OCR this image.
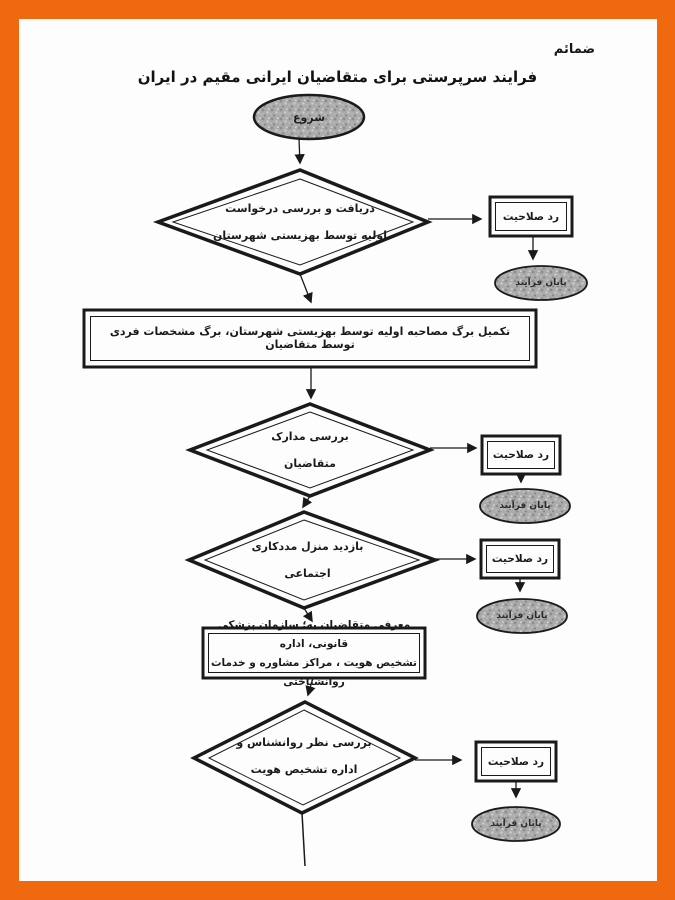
ضمائم
فرایند سرپرستی برای متقاضیان ایرانی مقیم در ایران
شروع
دریافت و بررسی درخواست
اولیه توسط بهزیستی شهرستان
رد صلاحیت
پایان فرآیند
تکمیل برگ مصاحبه اولیه توسط بهزیستی شهرستان، برگ مشخصات فردی توسط متقاضیان
بررسی مدارک
متقاضیان
رد صلاحیت
پایان فرآیند
بازدید منزل مددکاری
اجتماعی
رد صلاحیت
پایان فرآیند
معرفی متقاضیان به؛ سازمان پزشکی قانونی، اداره
تشخیص هویت ، مراکز مشاوره و خدمات روانشناختی
بررسی نظر روانشناس و
اداره تشخیص هویت
رد صلاحیت
پایان فرآیند
